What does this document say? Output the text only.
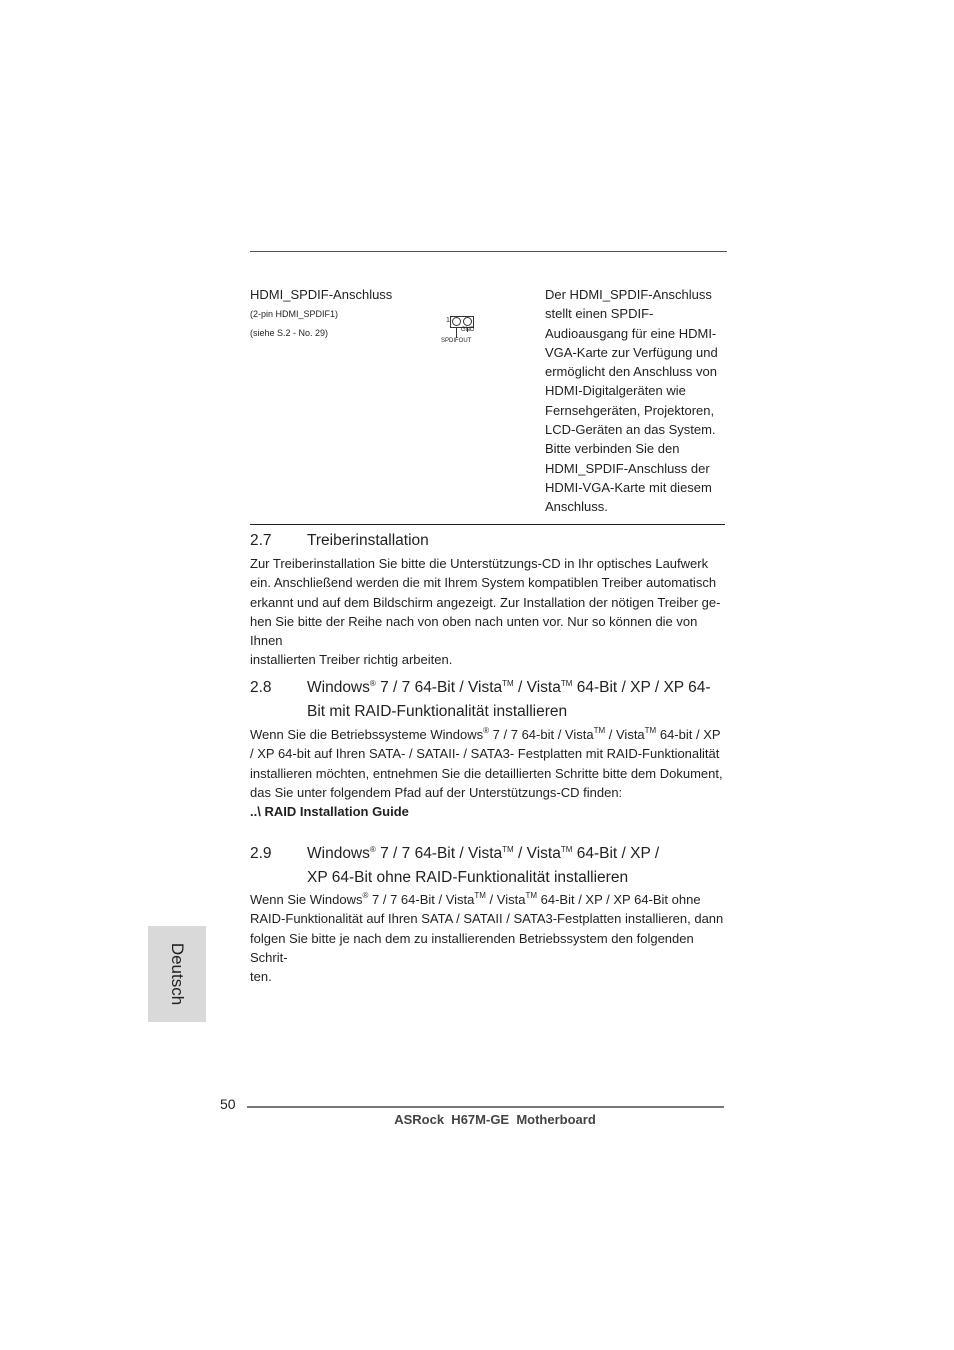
HDMI_SPDIF-Anschluss
(2-pin HDMI_SPDIF1)
(siehe S.2 - No. 29)
1
GND
SPDIFOUT
Der HDMI_SPDIF-Anschluss
stellt einen SPDIF-
Audioausgang für eine HDMI-
VGA-Karte zur Verfügung und
ermöglicht den Anschluss von
HDMI-Digitalgeräten wie
Fernsehgeräten, Projektoren,
LCD-Geräten an das System.
Bitte verbinden Sie den
HDMI_SPDIF-Anschluss der
HDMI-VGA-Karte mit diesem
Anschluss.
2.7 Treiberinstallation
Zur Treiberinstallation Sie bitte die Unterstützungs-CD in Ihr optisches Laufwerk
ein. Anschließend werden die mit Ihrem System kompatiblen Treiber automatisch
erkannt und auf dem Bildschirm angezeigt. Zur Installation der nötigen Treiber ge-
hen Sie bitte der Reihe nach von oben nach unten vor. Nur so können die von Ihnen
installierten Treiber richtig arbeiten.
2.8 Windows® 7 / 7 64-Bit / Vista™ / Vista™ 64-Bit / XP / XP 64-
Bit mit RAID-Funktionalität installieren
Wenn Sie die Betriebssysteme Windows® 7 / 7 64-bit / Vista™ / Vista™ 64-bit / XP
/ XP 64-bit auf Ihren SATA- / SATAII- / SATA3- Festplatten mit RAID-Funktionalität
installieren möchten, entnehmen Sie die detaillierten Schritte bitte dem Dokument,
das Sie unter folgendem Pfad auf der Unterstützungs-CD finden:
..\ RAID Installation Guide
2.9 Windows® 7 / 7 64-Bit / Vista™ / Vista™ 64-Bit / XP /
XP 64-Bit ohne RAID-Funktionalität installieren
Wenn Sie Windows® 7 / 7 64-Bit / Vista™ / Vista™ 64-Bit / XP / XP 64-Bit ohne
RAID-Funktionalität auf Ihren SATA / SATAII / SATA3-Festplatten installieren, dann
folgen Sie bitte je nach dem zu installierenden Betriebssystem den folgenden Schrit-
ten.
Deutsch
50
ASRock  H67M-GE  Motherboard
